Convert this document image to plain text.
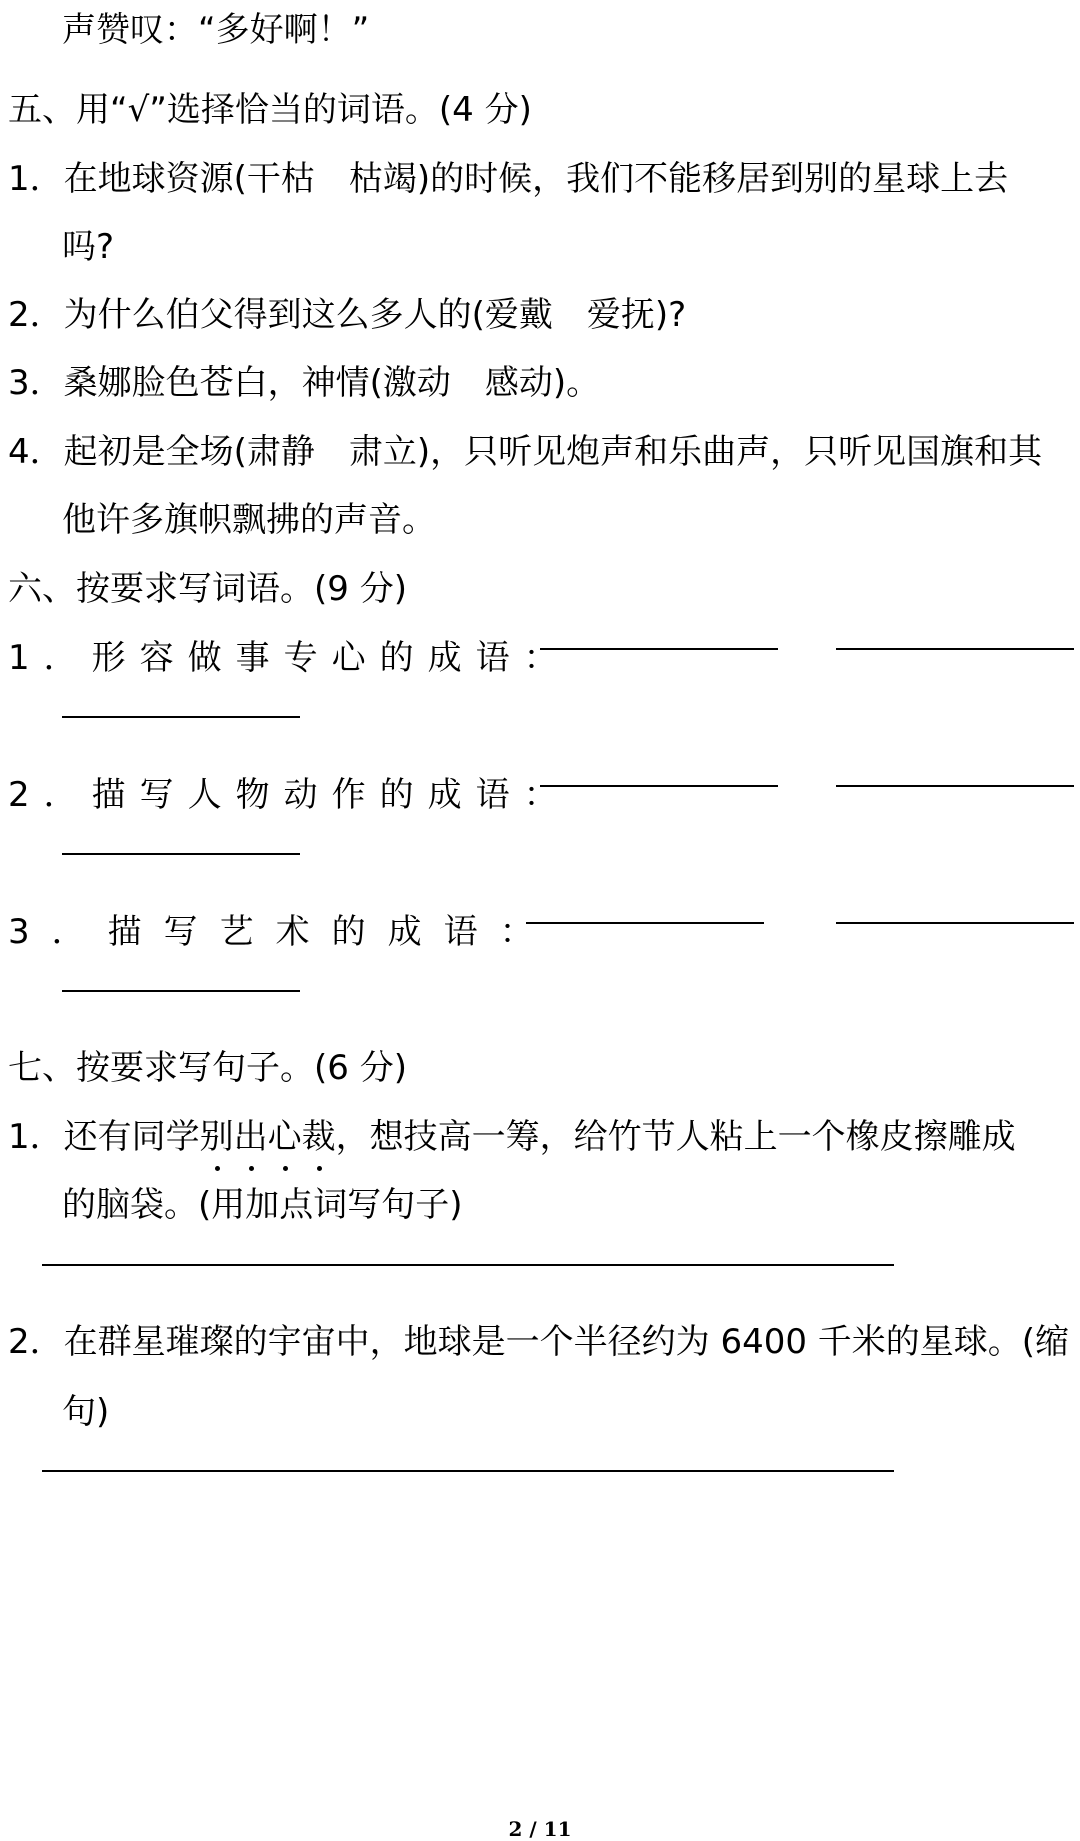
声赞叹：“多好啊！”
五、用“√”选择恰当的词语。(4 分)
1．在地球资源(干枯　枯竭)的时候，我们不能移居到别的星球上去
吗?
2．为什么伯父得到这么多人的(爱戴　爱抚)?
3．桑娜脸色苍白，神情(激动　感动)。
4．起初是全场(肃静　肃立)，只听见炮声和乐曲声，只听见国旗和其
他许多旗帜飘拂的声音。
六、按要求写词语。(9 分)
1．形容做事专心的成语：
2．描写人物动作的成语：
3．描写艺术的成语：
七、按要求写句子。(6 分)
1．还有同学别出心裁，想技高一筹，给竹节人粘上一个橡皮擦雕成
的脑袋。(用加点词写句子)
2．在群星璀璨的宇宙中，地球是一个半径约为 6400 千米的星球。(缩
句)
2 / 11
